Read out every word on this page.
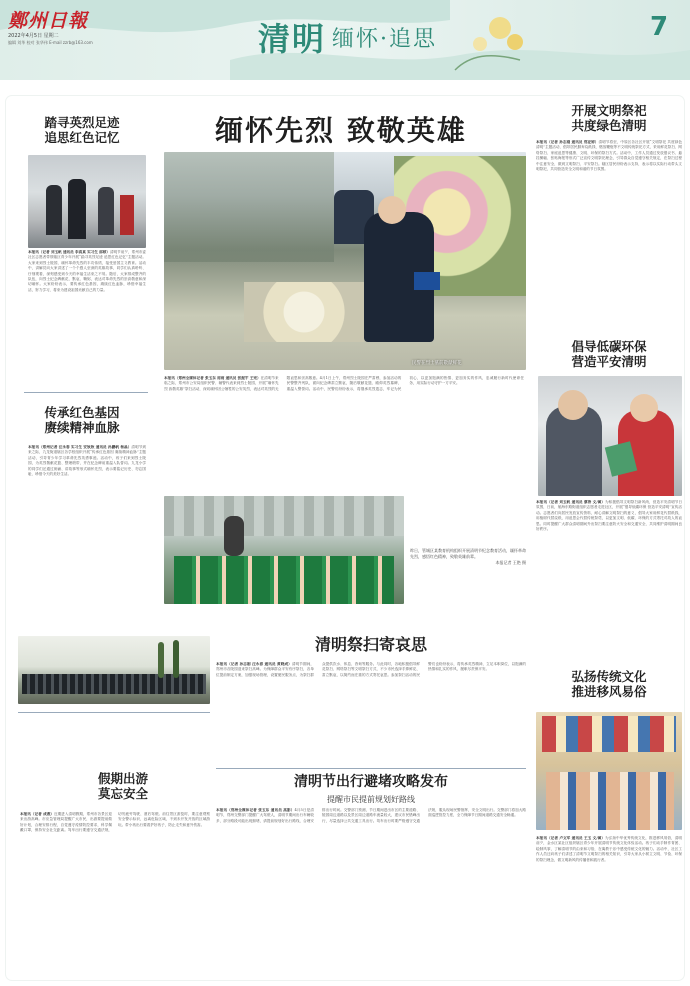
鄭州日報
2022年4月5日 星期二
编辑 刘华 校对 张华伟 E-mail zzrb@163.com	清明 缅怀·追思	7
踏寻英烈足迹
追思红色记忆
本报讯（记者 刘玉帆 通讯员 李真真 实习生 邵婷）清明节前夕，郑州市委社区志愿者带领辖区青少年开展“踏寻英烈足迹 追思红色记忆”主题活动。大家来到烈士陵园，缅怀革命先烈的丰功伟绩，接受爱国主义教育。活动中，讲解员向大家讲述了一个个感人至深的英雄故事，同学们认真聆听、仔细观看，深刻感受到今天的幸福生活来之不易。随后，大家排成整齐的队伍，向烈士纪念碑献花、默哀、鞠躬，表达对革命先烈的崇高敬意和深切缅怀。大家纷纷表示，要传承红色基因，赓续红色血脉，珍惜幸福生活，努力学习，将来为建设祖国贡献自己的力量。
传承红色基因
赓续精神血脉
本报讯（郑州记者 汪永春 实习生 安欣欣 通讯员 孙鹏帆 杨晶）清明节到来之际，九龙街道辖区各学校组织开展“传承红色基因 赓续精神血脉”主题活动，引导青少年学习革命先烈英勇事迹。活动中，孩子们来到烈士陵园，为英烈敬献花篮、整理缎带，并在纪念碑前重温入队誓词。九龙小学的同学们还通过朗诵、讲故事等形式缅怀先烈，表示要铭记历史、勿忘国耻、珍惜今天的美好生活。
假期出游
莫忘安全
本报讯（记者 成燕）近期进入清明假期，郑州市各景区迎来出游高峰。市应急管理局提醒广大市民，出游要提前做好计划，合理安排行程，自觉遵守疫情防控要求，科学佩戴口罩，保持安全社交距离。驾车出行要遵守交通法规，切勿疲劳驾驶、酒后驾驶。前往景区游览时，要注意观察安全警示标识，远离危险区域，不到未开发开放的区域游玩。带小孩出行要看护好孩子，防止走失和意外伤害。
缅怀先烈 致敬英雄
民警在烈士墓前敬献鲜花
本报讯（郑州全媒体记者 张玉东 周雨 通讯员 张振宇 王宪）在清明节来临之际，郑州市公安局组织民警、辅警代表来到烈士陵园，开展“缅怀先烈 致敬英雄”祭扫活动，深切缅怀因公牺牲的公安英烈，表达对英烈的无限哀思和崇高敬意。4月1日上午，郑州烈士陵园庄严肃穆，参加活动的民警整齐列队，面向纪念碑肃立默哀，随后敬献花篮、瞻仰英烈墓碑，重温入警誓词。活动中，民警们纷纷表示，将继承英烈遗志，牢记为民初心，以更加饱满的热情、更加务实的作风，忠诚履行新时代使命任务，用实际行动守护一方平安。
昨日，管城区某教育机构组织开展清明节纪念教育活动，缅怀革命先烈，感悟红色精神，致敬英雄前辈。

本报记者 王艳 摄
清明祭扫寄哀思
本报讯（记者 孙志刚 汪永春 通讯员 黄晓成）清明节期间，郑州市各陵园迎来祭扫高峰。为保障群众平安有序祭扫，各单位提前制定方案，加强现场管理，设置便民服务点，为祭扫群众提供饮水、休息、咨询等服务。与此同时，各地积极倡导鲜花祭扫、网络祭扫等文明祭扫方式，不少市民选择手捧鲜花、肃立默哀，以简约而庄重的方式寄托哀思。参加祭扫活动的民警们也纷纷表示，将传承英烈精神，立足本职岗位，以饱满的热情和扎实的作风，履职尽责保平安。
清明节出行避堵攻略发布
提醒市民提前规划好路线
本报讯（郑州全媒体记者 张玉东 通讯员 高影）4月5日是清明节，郑州交警部门提醒广大驾驶人，清明节期间出行车辆较多，部分路段可能出现拥堵，请提前规划好出行路线，合理安排出行时间。交警部门预测，节日期间进出市区的主要道路、陵园周边道路以及景区周边道路车流量较大，建议市民错峰出行，尽量选择公共交通工具出行。驾车出行时要严格遵守交通法规，服从现场民警指挥，安全文明出行。交警部门将加大路面巡逻管控力度，全力保障节日期间道路交通安全畅通。
开展文明祭祀
共度绿色清明
本报讯（记者 孙志刚 通讯员 郑亚婷）清明节将至，中原区各社区开展“文明祭祀 共度绿色清明”主题活动，倡导居民摒弃烧纸钱、燃放鞭炮等不文明传统祭祀方式，采用鲜花祭扫、网络祭扫、家庭追思等健康、文明、环保的祭扫方式。活动中，工作人员通过发放倡议书、悬挂横幅、张贴海报等形式广泛宣传文明祭祀理念，引导群众自觉遵守相关规定，在祭扫过程中注意安全，做到文明祭扫、平安祭扫。辖区居民纷纷表示支持，表示将以实际行动带头文明祭祀，共同营造安全文明和谐的节日氛围。
倡导低碳环保
营造平安清明
本报讯（记者 刘玉帆 通讯员 蔡涛 文/图）为积极倡导文明祭扫新风尚，营造平安清明节日氛围，日前，航海东路街道组织志愿者走进社区，开展“倡导低碳环保 营造平安清明”宣传活动。志愿者们向居民发放宣传资料，耐心讲解文明祭扫的意义，倡导大家用鲜花代替纸钱，用植树代替烧纸，用追思会代替传统祭奠，以更加文明、低碳、环保的方式寄托对故人的哀思。同时提醒广大群众清明期间外出祭扫要注意防火安全和交通安全，共同维护清明期间良好秩序。
弘扬传统文化
推进移风易俗
本报讯（记者 卢文军 通讯员 王玉 文/图）为弘扬中华优秀传统文化，推进移风易俗，清明前夕，金水区某社区组织辖区青少年开展清明节传统文化体验活动。孩子们动手制作青团、绘制风筝，了解清明节的由来和习俗，在寓教于乐中感受传统文化的魅力。活动中，社区工作人员还向孩子们讲述了清明节文明祭扫的相关知识，引导大家从小树立文明、节俭、环保的祭扫理念，做文明新风的传播者和践行者。
